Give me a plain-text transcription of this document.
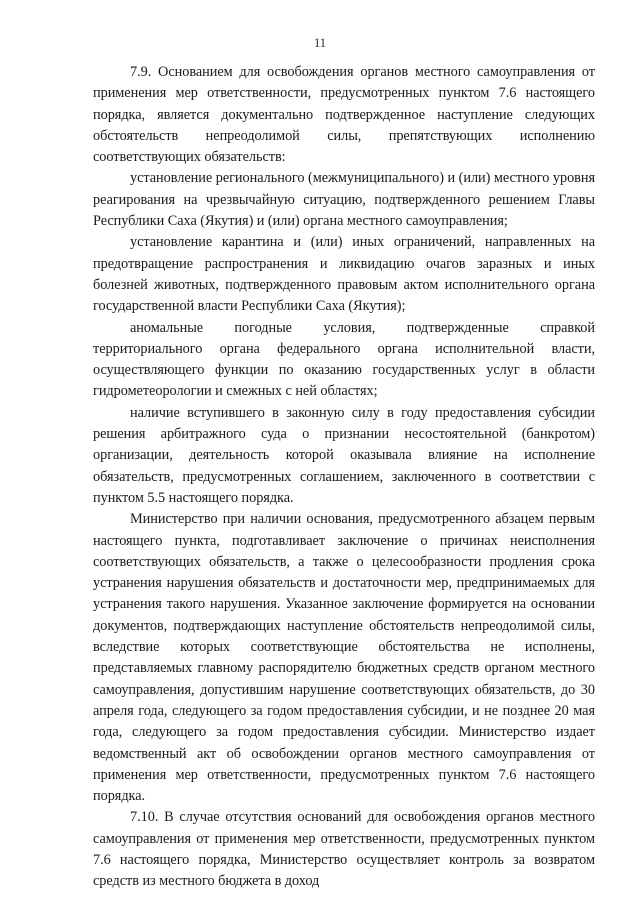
11

7.9. Основанием для освобождения органов местного самоуправления от применения мер ответственности, предусмотренных пунктом 7.6 настоящего порядка, является документально подтвержденное наступление следующих обстоятельств непреодолимой силы, препятствующих исполнению соответствующих обязательств:

установление регионального (межмуниципального) и (или) местного уровня реагирования на чрезвычайную ситуацию, подтвержденного решением Главы Республики Саха (Якутия) и (или) органа местного самоуправления;

установление карантина и (или) иных ограничений, направленных на предотвращение распространения и ликвидацию очагов заразных и иных болезней животных, подтвержденного правовым актом исполнительного органа государственной власти Республики Саха (Якутия);

аномальные погодные условия, подтвержденные справкой территориального органа федерального органа исполнительной власти, осуществляющего функции по оказанию государственных услуг в области гидрометеорологии и смежных с ней областях;

наличие вступившего в законную силу в году предоставления субсидии решения арбитражного суда о признании несостоятельной (банкротом) организации, деятельность которой оказывала влияние на исполнение обязательств, предусмотренных соглашением, заключенного в соответствии с пунктом 5.5 настоящего порядка.

Министерство при наличии основания, предусмотренного абзацем первым настоящего пункта, подготавливает заключение о причинах неисполнения соответствующих обязательств, а также о целесообразности продления срока устранения нарушения обязательств и достаточности мер, предпринимаемых для устранения такого нарушения. Указанное заключение формируется на основании документов, подтверждающих наступление обстоятельств непреодолимой силы, вследствие которых соответствующие обстоятельства не исполнены, представляемых главному распорядителю бюджетных средств органом местного самоуправления, допустившим нарушение соответствующих обязательств, до 30 апреля года, следующего за годом предоставления субсидии, и не позднее 20 мая года, следующего за годом предоставления субсидии. Министерство издает ведомственный акт об освобождении органов местного самоуправления от применения мер ответственности, предусмотренных пунктом 7.6 настоящего порядка.

7.10. В случае отсутствия оснований для освобождения органов местного самоуправления от применения мер ответственности, предусмотренных пунктом 7.6 настоящего порядка, Министерство осуществляет контроль за возвратом средств из местного бюджета в доход
